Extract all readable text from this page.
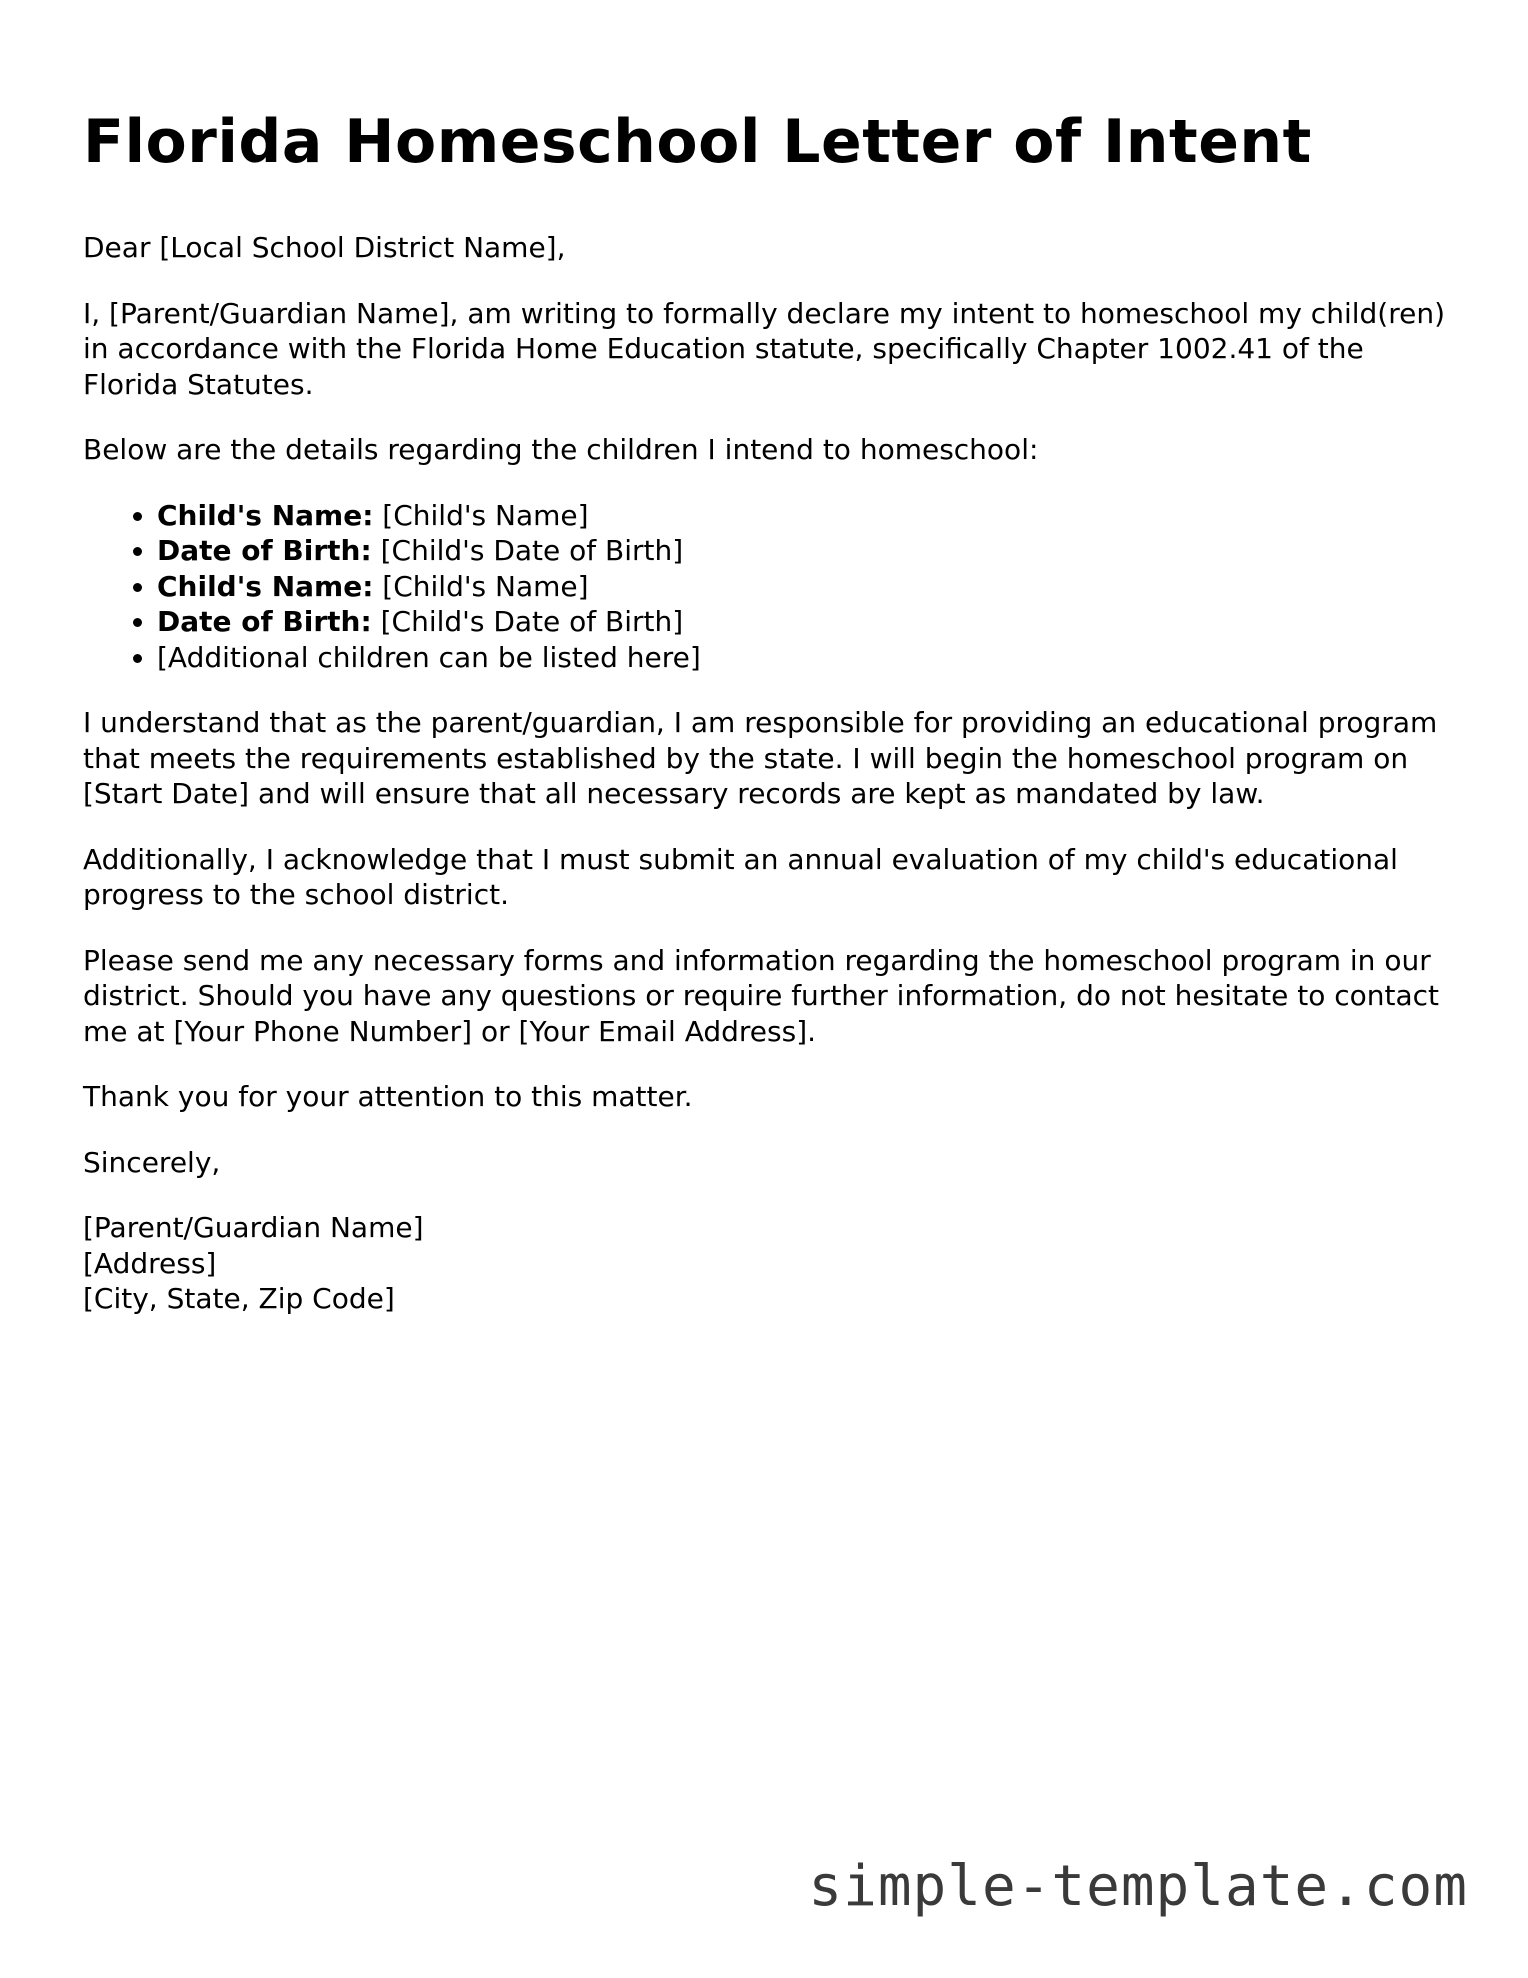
Florida Homeschool Letter of Intent

Dear [Local School District Name],

I, [Parent/Guardian Name], am writing to formally declare my intent to homeschool my child(ren) in accordance with the Florida Home Education statute, specifically Chapter 1002.41 of the Florida Statutes.

Below are the details regarding the children I intend to homeschool:

• Child's Name: [Child's Name]
• Date of Birth: [Child's Date of Birth]
• Child's Name: [Child's Name]
• Date of Birth: [Child's Date of Birth]
• [Additional children can be listed here]

I understand that as the parent/guardian, I am responsible for providing an educational program that meets the requirements established by the state. I will begin the homeschool program on [Start Date] and will ensure that all necessary records are kept as mandated by law.

Additionally, I acknowledge that I must submit an annual evaluation of my child's educational progress to the school district.

Please send me any necessary forms and information regarding the homeschool program in our district. Should you have any questions or require further information, do not hesitate to contact me at [Your Phone Number] or [Your Email Address].

Thank you for your attention to this matter.

Sincerely,

[Parent/Guardian Name]
[Address]
[City, State, Zip Code]
simple-template.com
